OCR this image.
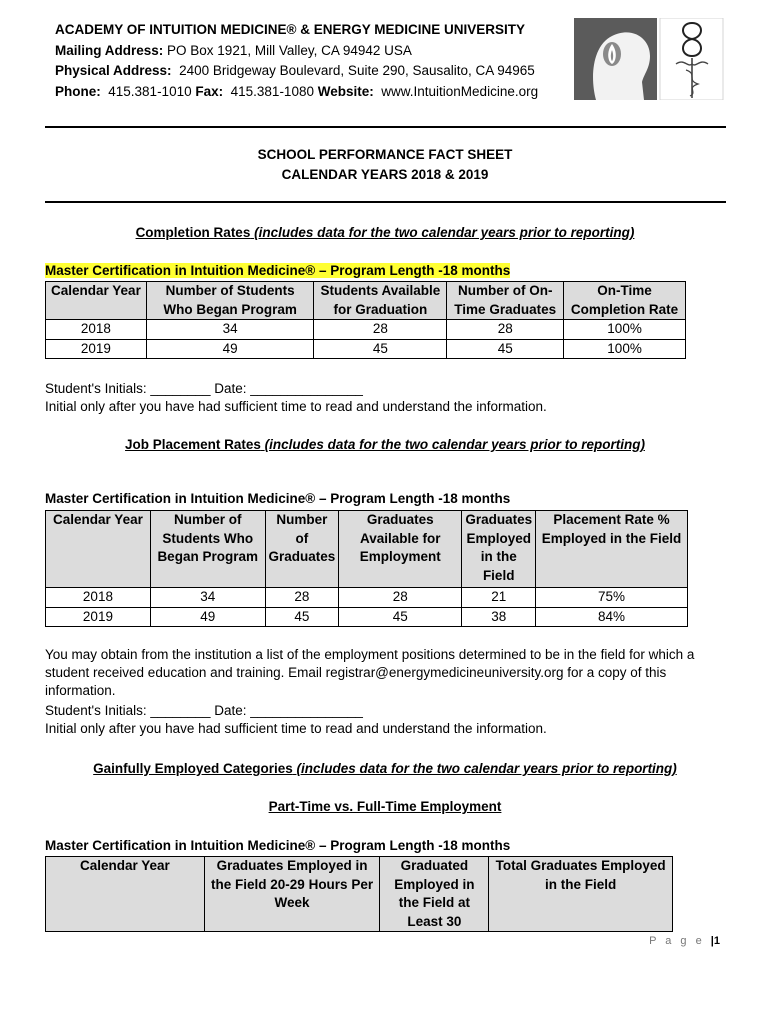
ACADEMY OF INTUITION MEDICINE® & ENERGY MEDICINE UNIVERSITY
Mailing Address: PO Box 1921, Mill Valley, CA 94942 USA
Physical Address: 2400 Bridgeway Boulevard, Suite 290, Sausalito, CA 94965
Phone: 415.381-1010 Fax: 415.381-1080 Website: www.IntuitionMedicine.org
SCHOOL PERFORMANCE FACT SHEET
CALENDAR YEARS 2018 & 2019
Completion Rates (includes data for the two calendar years prior to reporting)
Master Certification in Intuition Medicine® – Program Length -18 months
Calendar Year	Number of Students Who Began Program	Students Available for Graduation	Number of On-Time Graduates	On-Time Completion Rate
2018	34	28	28	100%
2019	49	45	45	100%
Student's Initials: ________ Date: _______________
Initial only after you have had sufficient time to read and understand the information.
Job Placement Rates (includes data for the two calendar years prior to reporting)
Master Certification in Intuition Medicine® – Program Length -18 months
Calendar Year	Number of Students Who Began Program	Number of Graduates	Graduates Available for Employment	Graduates Employed in the Field	Placement Rate % Employed in the Field
2018	34	28	28	21	75%
2019	49	45	45	38	84%
You may obtain from the institution a list of the employment positions determined to be in the field for which a student received education and training. Email registrar@energymedicineuniversity.org for a copy of this information.
Student's Initials: ________ Date: _______________
Initial only after you have had sufficient time to read and understand the information.
Gainfully Employed Categories (includes data for the two calendar years prior to reporting)
Part-Time vs. Full-Time Employment
Master Certification in Intuition Medicine® – Program Length -18 months
Calendar Year	Graduates Employed in the Field 20-29 Hours Per Week	Graduated Employed in the Field at Least 30	Total Graduates Employed in the Field
P a g e |1
